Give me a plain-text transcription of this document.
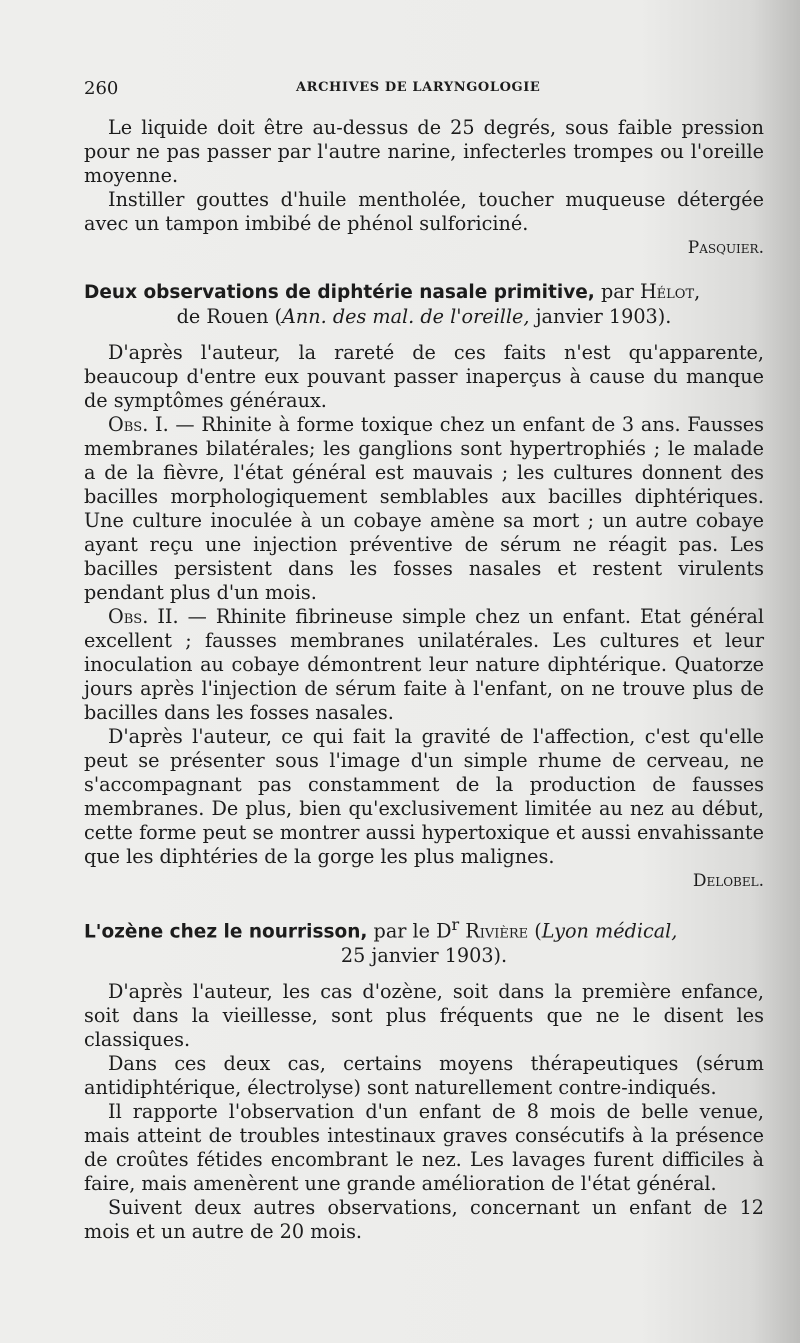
260	ARCHIVES DE LARYNGOLOGIE

Le liquide doit être au-dessus de 25 degrés, sous faible pression pour ne pas passer par l'autre narine, infecterles trompes ou l'oreille moyenne.

Instiller gouttes d'huile mentholée, toucher muqueuse détergée avec un tampon imbibé de phénol sulforiciné.

Pasquier.

Deux observations de diphtérie nasale primitive, par Hélot,

de Rouen (Ann. des mal. de l'oreille, janvier 1903).

D'après l'auteur, la rareté de ces faits n'est qu'apparente, beaucoup d'entre eux pouvant passer inaperçus à cause du manque de symptômes généraux.

Obs. I. — Rhinite à forme toxique chez un enfant de 3 ans. Fausses membranes bilatérales; les ganglions sont hypertrophiés ; le malade a de la fièvre, l'état général est mauvais ; les cultures donnent des bacilles morphologiquement semblables aux bacilles diphtériques. Une culture inoculée à un cobaye amène sa mort ; un autre cobaye ayant reçu une injection préventive de sérum ne réagit pas. Les bacilles persistent dans les fosses nasales et restent virulents pendant plus d'un mois.

Obs. II. — Rhinite fibrineuse simple chez un enfant. Etat général excellent ; fausses membranes unilatérales. Les cultures et leur inoculation au cobaye démontrent leur nature diphtérique. Quatorze jours après l'injection de sérum faite à l'enfant, on ne trouve plus de bacilles dans les fosses nasales.

D'après l'auteur, ce qui fait la gravité de l'affection, c'est qu'elle peut se présenter sous l'image d'un simple rhume de cerveau, ne s'accompagnant pas constamment de la production de fausses membranes. De plus, bien qu'exclusivement limitée au nez au début, cette forme peut se montrer aussi hypertoxique et aussi envahissante que les diphtéries de la gorge les plus malignes.

Delobel.

L'ozène chez le nourrisson, par le $D^r$ Rivière (Lyon médical,

25 janvier 1903).

D'après l'auteur, les cas d'ozène, soit dans la première enfance, soit dans la vieillesse, sont plus fréquents que ne le disent les classiques.

Dans ces deux cas, certains moyens thérapeutiques (sérum antidiphtérique, électrolyse) sont naturellement contre-indiqués.

Il rapporte l'observation d'un enfant de 8 mois de belle venue, mais atteint de troubles intestinaux graves consécutifs à la présence de croûtes fétides encombrant le nez. Les lavages furent difficiles à faire, mais amenèrent une grande amélioration de l'état général.

Suivent deux autres observations, concernant un enfant de 12 mois et un autre de 20 mois.
